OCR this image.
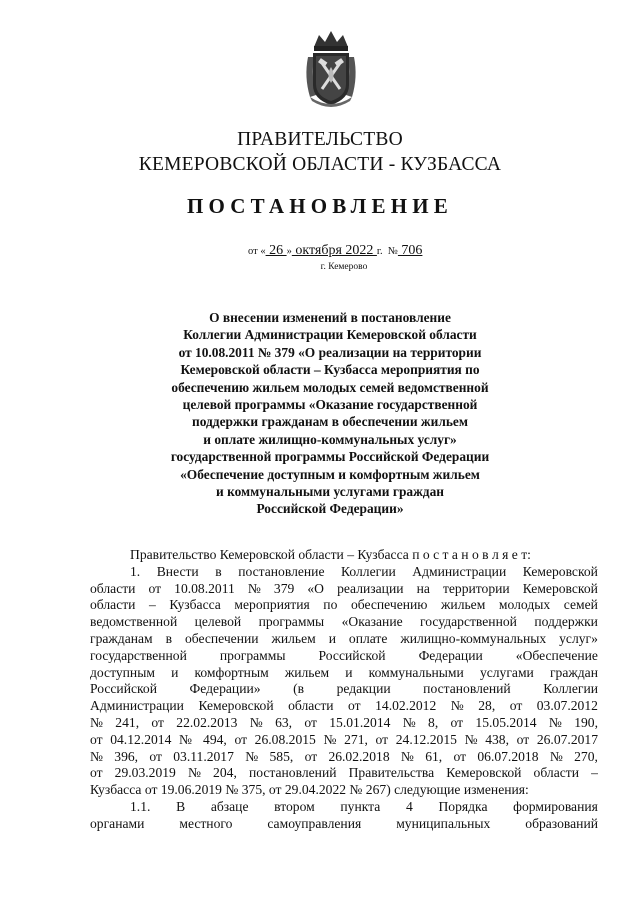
ПРАВИТЕЛЬСТВО
КЕМЕРОВСКОЙ ОБЛАСТИ - КУЗБАССА
ПОСТАНОВЛЕНИЕ
от « 26 » октября 2022 г. № 706
г. Кемерово
О внесении изменений в постановление
Коллегии Администрации Кемеровской области
от 10.08.2011 № 379 «О реализации на территории
Кемеровской области – Кузбасса мероприятия по
обеспечению жильем молодых семей ведомственной
целевой программы «Оказание государственной
поддержки гражданам в обеспечении жильем
и оплате жилищно-коммунальных услуг»
государственной программы Российской Федерации
«Обеспечение доступным и комфортным жильем
и коммунальными услугами граждан
Российской Федерации»
Правительство Кемеровской области – Кузбасса п о с т а н о в л я е т:
1. Внести в постановление Коллегии Администрации Кемеровской
области от 10.08.2011 № 379 «О реализации на территории Кемеровской
области – Кузбасса мероприятия по обеспечению жильем молодых семей
ведомственной целевой программы «Оказание государственной поддержки
гражданам в обеспечении жильем и оплате жилищно-коммунальных услуг»
государственной программы Российской Федерации «Обеспечение
доступным и комфортным жильем и коммунальными услугами граждан
Российской Федерации» (в редакции постановлений Коллегии
Администрации Кемеровской области от 14.02.2012 № 28, от 03.07.2012
№ 241, от 22.02.2013 № 63, от 15.01.2014 № 8, от 15.05.2014 № 190,
от 04.12.2014 № 494, от 26.08.2015 № 271, от 24.12.2015 № 438, от 26.07.2017
№ 396, от 03.11.2017 № 585, от 26.02.2018 № 61, от 06.07.2018 № 270,
от 29.03.2019 № 204, постановлений Правительства Кемеровской области –
Кузбасса от 19.06.2019 № 375, от 29.04.2022 № 267) следующие изменения:
1.1. В абзаце втором пункта 4 Порядка формирования
органами	местного	самоуправления	муниципальных	образований
